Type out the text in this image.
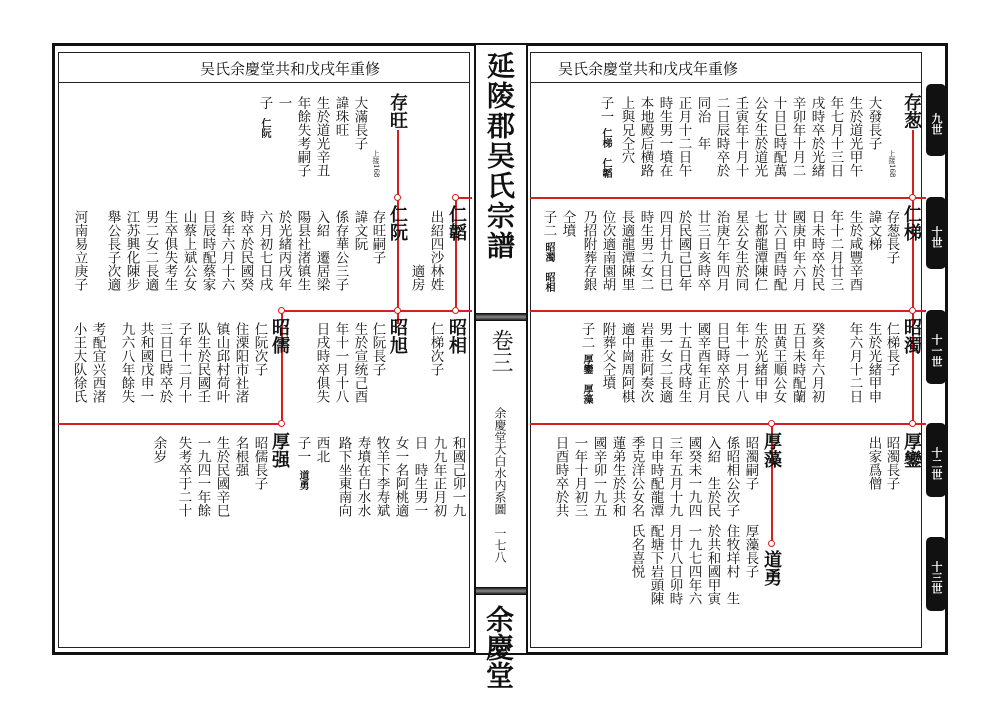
吴氏余慶堂共和戊戌年重修	吴氏余慶堂共和戊戌年重修
延陵郡吴氏宗譜
卷三
余慶堂大白水内系圖　一七八
余慶堂
九世
十世
十一世
十二世
十三世
存葱
上接168
大發長子
生於道光甲午
年七月十三日
戌時卒於光緒
辛卯年十月二
十日巳時配萬
公女生於道光
壬寅年十月十
二日辰時卒於
同治　年
正月十二日午
時生男一墳在
本地殿后横路
上與兄仝穴
子一
仁梯　仁韜
仁梯
存葱長子
諱文梯
生於咸豐辛酉
年十二月廿三
日未時卒於民
國庚申年六月
廿六日酉時配
七都龍潭陳仁
星公女生於同
治庚午年四月
廿三日亥時卒
於民國己巳年
四月廿九日巳
時生男二女二
長適龍潭陳里
位次適南園胡
乃招附葬存銀
仝墳
子二
昭濁　昭相
昭濁
仁梯長子
生於光緒甲申
年六月十二日
癸亥年六月初
五日未時配蘭
田黄王順公女
生於光緒甲申
年十一月十八
日巳時卒於民
國辛酉年正月
十五日戌時生
男一女二長適
岩車莊阿奏次
適中崗周阿棋
附葬父仝墳
子二
厚鑾　厚藻
厚鑾
昭濁長子
出家爲僧
厚藻
昭濁嗣子
係昭相公次子
入紹　生於民
國癸未一九四
三年五月十九
日申時配龍潭
季克洋公女名
蓮弟生於共和
國辛卯一九五
一年十月初三
日酉時卒於共
道勇
厚藻長子
住牧垟村　生
於共和國甲寅
一九七四年六
月廿八日卯時
配塘下岩頭陳
氏名喜悦
仁韜
出紹四沙林姓
適房
昭相
仁梯次子
存旺
上接168
大滿長子
諱珠旺
生於道光辛丑
年餘失考嗣子
一
子
仁阮
仁阮
存旺嗣子
諱文阮
係存華公三子
入紹　遷居梁
陽县社渚镇生
於光緒丙戌年
六月初七日戌
時卒於民國癸
亥年六月十六
日辰時配蔡家
山蔡上斌公女
生卒俱失考生
男二女二長適
江苏興化陳步
舉公長子次適
河南易立庚子
昭旭
仁阮長子
生於宣统己酉
年十一月十八
日戌時卒俱失
昭儒
仁阮次子
住溧阳市社渚
镇山邱村荷叶
队生於民國壬
子年十二月十
三日巳時卒於
共和國戊申一
九六八年餘失
考配宜兴西渚
小王大队徐氏
厚强
昭儒長子
名根强
生於民國辛巳
一九四一年餘
失考卒于二十
余岁	和國己卯一九
九九年正月初
日　時生男一
女一名阿桃適
牧羊下李寿斌
寿墳在白水水
路下坐東南向
西北
子一
道勇
